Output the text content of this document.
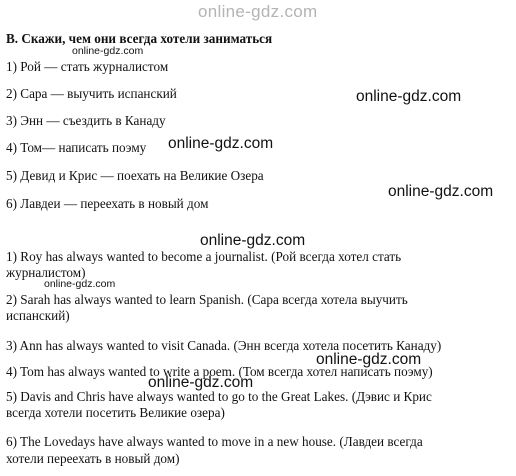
online-gdz.com
online-gdz.com
online-gdz.com
online-gdz.com
online-gdz.com
online-gdz.com
online-gdz.com
online-gdz.com
online-gdz.com
B. Скажи, чем они всегда хотели заниматься
1) Рой — стать журналистом
2) Сара — выучить испанский
3) Энн — съездить в Канаду
4) Том— написать поэму
5) Девид и Крис — поехать на Великие Озера
6) Лавдеи — переехать в новый дом
1) Roy has always wanted to become a journalist. (Рой всегда хотел стать
журналистом)
2) Sarah has always wanted to learn Spanish. (Сара всегда хотела выучить
испанский)
3) Ann has always wanted to visit Canada. (Энн всегда хотела посетить Канаду)
4) Tom has always wanted to write a poem. (Том всегда хотел написать поэму)
5) Davis and Chris have always wanted to go to the Great Lakes. (Дэвис и Крис
всегда хотели посетить Великие озера)
6) The Lovedays have always wanted to move in a new house. (Лавдеи всегда
хотели переехать в новый дом)
